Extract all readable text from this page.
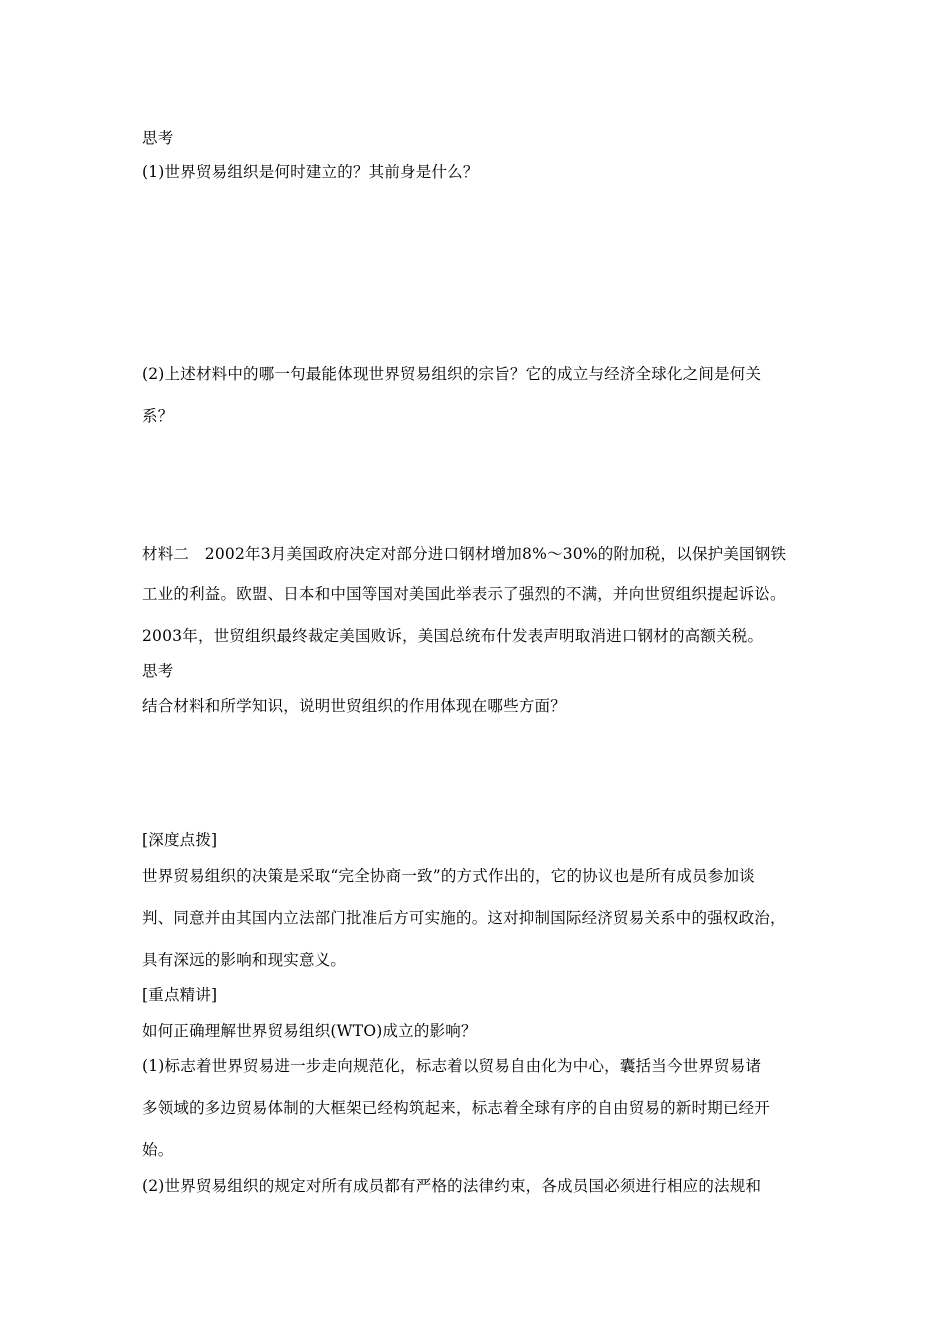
思考
(1)世界贸易组织是何时建立的？其前身是什么？
(2)上述材料中的哪一句最能体现世界贸易组织的宗旨？它的成立与经济全球化之间是何关
系？
材料二　2002年3月美国政府决定对部分进口钢材增加8%～30%的附加税，以保护美国钢铁
工业的利益。欧盟、日本和中国等国对美国此举表示了强烈的不满，并向世贸组织提起诉讼。
2003年，世贸组织最终裁定美国败诉，美国总统布什发表声明取消进口钢材的高额关税。
思考
结合材料和所学知识，说明世贸组织的作用体现在哪些方面？
[深度点拨]
世界贸易组织的决策是采取“完全协商一致”的方式作出的，它的协议也是所有成员参加谈
判、同意并由其国内立法部门批准后方可实施的。这对抑制国际经济贸易关系中的强权政治，
具有深远的影响和现实意义。
[重点精讲]
如何正确理解世界贸易组织(WTO)成立的影响？
(1)标志着世界贸易进一步走向规范化，标志着以贸易自由化为中心，囊括当今世界贸易诸
多领域的多边贸易体制的大框架已经构筑起来，标志着全球有序的自由贸易的新时期已经开
始。
(2)世界贸易组织的规定对所有成员都有严格的法律约束，各成员国必须进行相应的法规和
